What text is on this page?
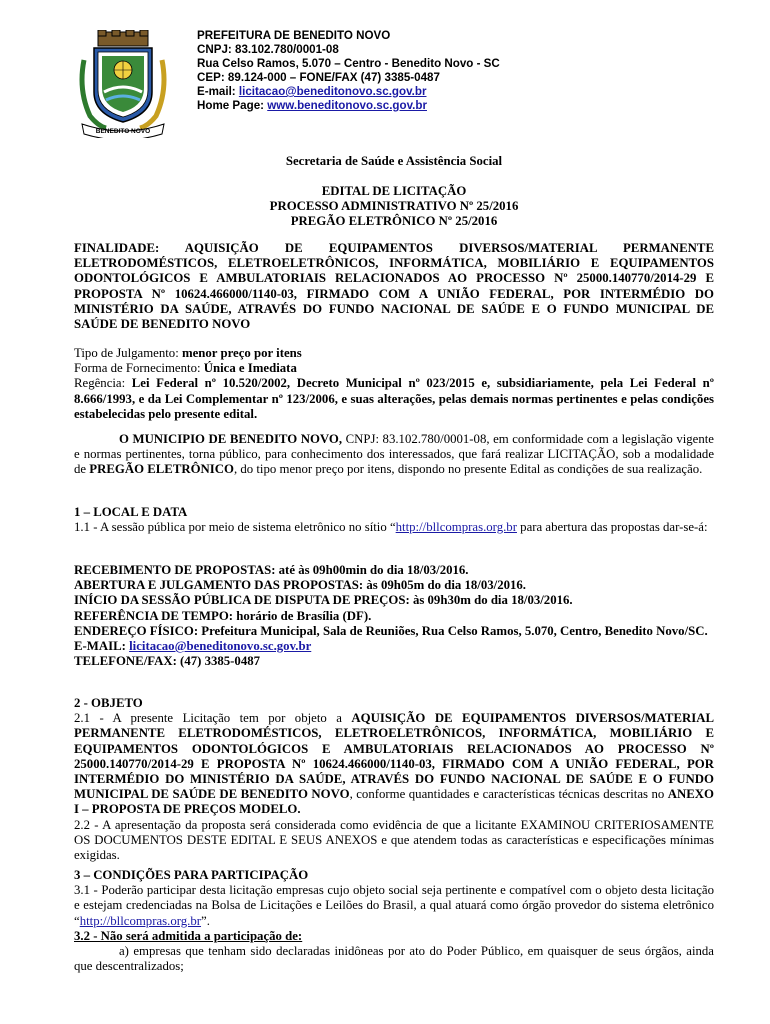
BENEDITO NOVO
PREFEITURA DE BENEDITO NOVO
CNPJ: 83.102.780/0001-08
Rua Celso Ramos, 5.070 – Centro - Benedito Novo - SC
CEP: 89.124-000 – FONE/FAX (47) 3385-0487
E-mail: licitacao@beneditonovo.sc.gov.br
Home Page: www.beneditonovo.sc.gov.br
Secretaria de Saúde e Assistência Social
EDITAL DE LICITAÇÃO
PROCESSO ADMINISTRATIVO Nº 25/2016
PREGÃO ELETRÔNICO Nº 25/2016
FINALIDADE: AQUISIÇÃO DE EQUIPAMENTOS DIVERSOS/MATERIAL PERMANENTE ELETRODOMÉSTICOS, ELETROELETRÔNICOS, INFORMÁTICA, MOBILIÁRIO E EQUIPAMENTOS ODONTOLÓGICOS E AMBULATORIAIS RELACIONADOS AO PROCESSO Nº 25000.140770/2014-29 E PROPOSTA Nº 10624.466000/1140-03, FIRMADO COM A UNIÃO FEDERAL, POR INTERMÉDIO DO MINISTÉRIO DA SAÚDE, ATRAVÉS DO FUNDO NACIONAL DE SAÚDE E O FUNDO MUNICIPAL DE SAÚDE DE BENEDITO NOVO
Tipo de Julgamento: menor preço por itens
Forma de Fornecimento: Única e Imediata
Regência: Lei Federal nº 10.520/2002, Decreto Municipal nº 023/2015 e, subsidiariamente, pela Lei Federal nº 8.666/1993, e da Lei Complementar nº 123/2006, e suas alterações, pelas demais normas pertinentes e pelas condições estabelecidas pelo presente edital.
O MUNICIPIO DE BENEDITO NOVO, CNPJ: 83.102.780/0001-08, em conformidade com a legislação vigente e normas pertinentes, torna público, para conhecimento dos interessados, que fará realizar LICITAÇÃO, sob a modalidade de PREGÃO ELETRÔNICO, do tipo menor preço por itens, dispondo no presente Edital as condições de sua realização.
1 – LOCAL E DATA
1.1 - A sessão pública por meio de sistema eletrônico no sítio “http://bllcompras.org.br para abertura das propostas dar-se-á:
RECEBIMENTO DE PROPOSTAS: até às 09h00min do dia 18/03/2016.
ABERTURA E JULGAMENTO DAS PROPOSTAS: às 09h05m do dia 18/03/2016.
INÍCIO DA SESSÃO PÚBLICA DE DISPUTA DE PREÇOS: às 09h30m do dia 18/03/2016.
REFERÊNCIA DE TEMPO: horário de Brasília (DF).
ENDEREÇO FÍSICO: Prefeitura Municipal, Sala de Reuniões, Rua Celso Ramos, 5.070, Centro, Benedito Novo/SC.
E-MAIL: licitacao@beneditonovo.sc.gov.br
TELEFONE/FAX: (47) 3385-0487
2 - OBJETO
2.1 - A presente Licitação tem por objeto a AQUISIÇÃO DE EQUIPAMENTOS DIVERSOS/MATERIAL PERMANENTE ELETRODOMÉSTICOS, ELETROELETRÔNICOS, INFORMÁTICA, MOBILIÁRIO E EQUIPAMENTOS ODONTOLÓGICOS E AMBULATORIAIS RELACIONADOS AO PROCESSO Nº 25000.140770/2014-29 E PROPOSTA Nº 10624.466000/1140-03, FIRMADO COM A UNIÃO FEDERAL, POR INTERMÉDIO DO MINISTÉRIO DA SAÚDE, ATRAVÉS DO FUNDO NACIONAL DE SAÚDE E O FUNDO MUNICIPAL DE SAÚDE DE BENEDITO NOVO, conforme quantidades e características técnicas descritas no ANEXO I – PROPOSTA DE PREÇOS MODELO.
2.2 - A apresentação da proposta será considerada como evidência de que a licitante EXAMINOU CRITERIOSAMENTE OS DOCUMENTOS DESTE EDITAL E SEUS ANEXOS e que atendem todas as características e especificações mínimas exigidas.
3 – CONDIÇÕES PARA PARTICIPAÇÃO
3.1 - Poderão participar desta licitação empresas cujo objeto social seja pertinente e compatível com o objeto desta licitação e estejam credenciadas na Bolsa de Licitações e Leilões do Brasil, a qual atuará como órgão provedor do sistema eletrônico “http://bllcompras.org.br”.
3.2 - Não será admitida a participação de:
a) empresas que tenham sido declaradas inidôneas por ato do Poder Público, em quaisquer de seus órgãos, ainda que descentralizados;
